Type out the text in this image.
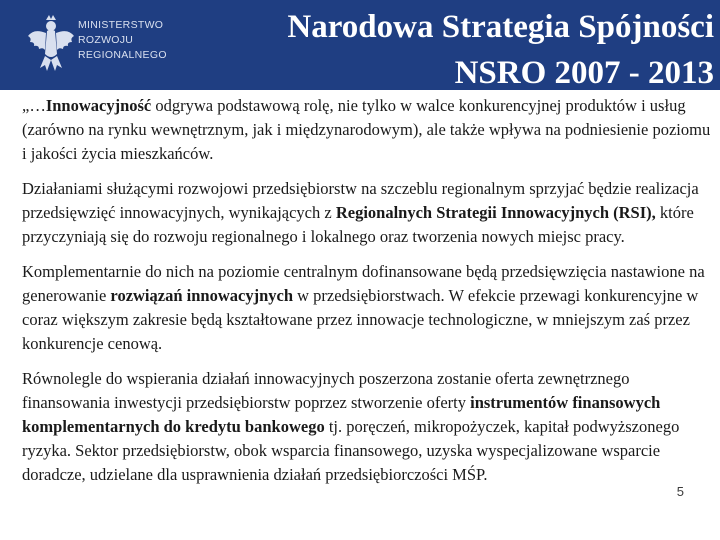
MINISTERSTWO
ROZWOJU
REGIONALNEGO
Narodowa Strategia Spójności
NSRO 2007 - 2013

„…Innowacyjność odgrywa podstawową rolę, nie tylko w walce konkurencyjnej produktów i usług (zarówno na rynku wewnętrznym, jak i międzynarodowym), ale także wpływa na podniesienie poziomu i jakości życia mieszkańców.

Działaniami służącymi rozwojowi przedsiębiorstw na szczeblu regionalnym sprzyjać będzie realizacja przedsięwzięć innowacyjnych, wynikających z Regionalnych Strategii Innowacyjnych (RSI), które przyczyniają się do rozwoju regionalnego i lokalnego oraz tworzenia nowych miejsc pracy.

Komplementarnie do nich na poziomie centralnym dofinansowane będą przedsięwzięcia nastawione na generowanie rozwiązań innowacyjnych w przedsiębiorstwach. W efekcie przewagi konkurencyjne w coraz większym zakresie będą kształtowane przez innowacje technologiczne, w mniejszym zaś przez konkurencje cenową.

Równolegle do wspierania działań innowacyjnych poszerzona zostanie oferta zewnętrznego finansowania inwestycji przedsiębiorstw poprzez stworzenie oferty instrumentów finansowych komplementarnych do kredytu bankowego tj. poręczeń, mikropożyczek, kapitał podwyższonego ryzyka. Sektor przedsiębiorstw, obok wsparcia finansowego, uzyska wyspecjalizowane wsparcie doradcze, udzielane dla usprawnienia działań przedsiębiorczości MŚP.

5
